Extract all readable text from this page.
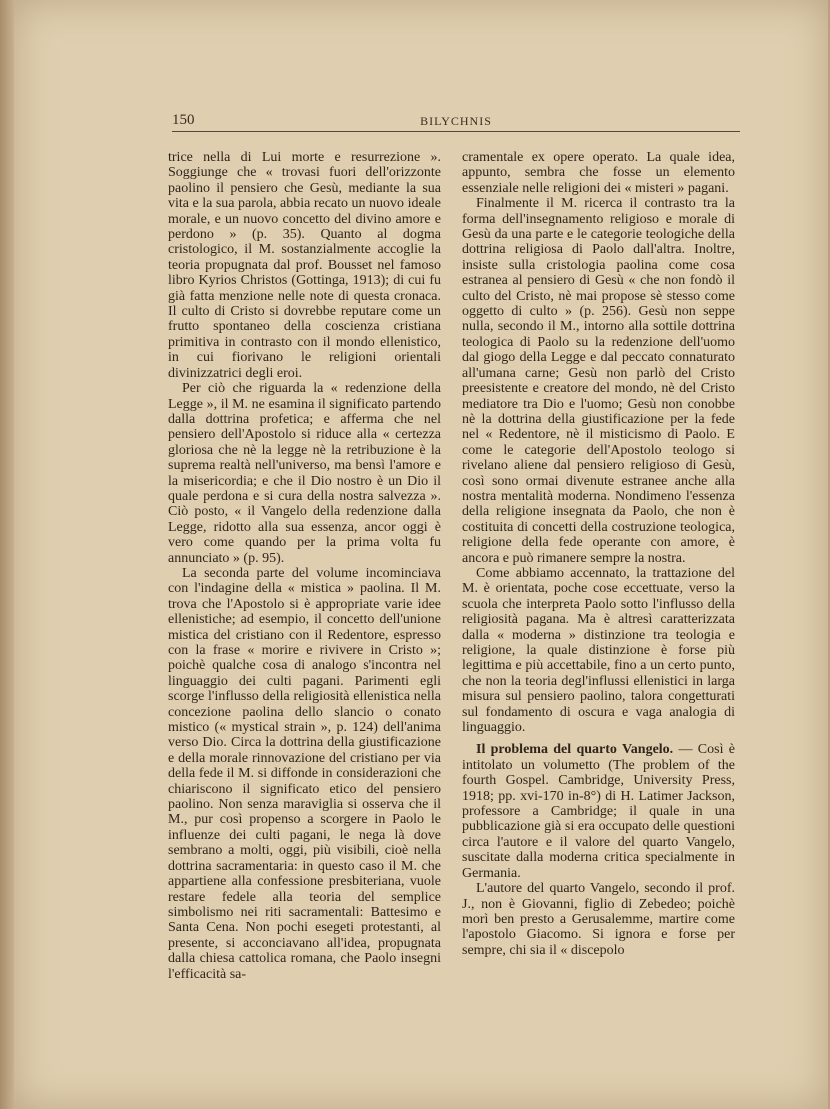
150	BILYCHNIS

trice nella di Lui morte e resurrezione ». Soggiunge che « trovasi fuori dell'orizzonte paolino il pensiero che Gesù, mediante la sua vita e la sua parola, abbia recato un nuovo ideale morale, e un nuovo concetto del divino amore e perdono » (p. 35). Quanto al dogma cristologico, il M. sostanzialmente accoglie la teoria propugnata dal prof. Bousset nel famoso libro Kyrios Christos (Gottinga, 1913); di cui fu già fatta menzione nelle note di questa cronaca. Il culto di Cristo si dovrebbe reputare come un frutto spontaneo della coscienza cristiana primitiva in contrasto con il mondo ellenistico, in cui fiorivano le religioni orientali divinizzatrici degli eroi.

Per ciò che riguarda la « redenzione della Legge », il M. ne esamina il significato partendo dalla dottrina profetica; e afferma che nel pensiero dell'Apostolo si riduce alla « certezza gloriosa che nè la legge nè la retribuzione è la suprema realtà nell'universo, ma bensì l'amore e la misericordia; e che il Dio nostro è un Dio il quale perdona e si cura della nostra salvezza ». Ciò posto, « il Vangelo della redenzione dalla Legge, ridotto alla sua essenza, ancor oggi è vero come quando per la prima volta fu annunciato » (p. 95).

La seconda parte del volume incominciava con l'indagine della « mistica » paolina. Il M. trova che l'Apostolo si è appropriate varie idee ellenistiche; ad esempio, il concetto dell'unione mistica del cristiano con il Redentore, espresso con la frase « morire e rivivere in Cristo »; poichè qualche cosa di analogo s'incontra nel linguaggio dei culti pagani. Parimenti egli scorge l'influsso della religiosità ellenistica nella concezione paolina dello slancio o conato mistico (« mystical strain », p. 124) dell'anima verso Dio. Circa la dottrina della giustificazione e della morale rinnovazione del cristiano per via della fede il M. si diffonde in considerazioni che chiariscono il significato etico del pensiero paolino. Non senza maraviglia si osserva che il M., pur così propenso a scorgere in Paolo le influenze dei culti pagani, le nega là dove sembrano a molti, oggi, più visibili, cioè nella dottrina sacramentaria: in questo caso il M. che appartiene alla confessione presbiteriana, vuole restare fedele alla teoria del semplice simbolismo nei riti sacramentali: Battesimo e Santa Cena. Non pochi esegeti protestanti, al presente, si acconciavano all'idea, propugnata dalla chiesa cattolica romana, che Paolo insegni l'efficacità sa-

cramentale ex opere operato. La quale idea, appunto, sembra che fosse un elemento essenziale nelle religioni dei « misteri » pagani.

Finalmente il M. ricerca il contrasto tra la forma dell'insegnamento religioso e morale di Gesù da una parte e le categorie teologiche della dottrina religiosa di Paolo dall'altra. Inoltre, insiste sulla cristologia paolina come cosa estranea al pensiero di Gesù « che non fondò il culto del Cristo, nè mai propose sè stesso come oggetto di culto » (p. 256). Gesù non seppe nulla, secondo il M., intorno alla sottile dottrina teologica di Paolo su la redenzione dell'uomo dal giogo della Legge e dal peccato connaturato all'umana carne; Gesù non parlò del Cristo preesistente e creatore del mondo, nè del Cristo mediatore tra Dio e l'uomo; Gesù non conobbe nè la dottrina della giustificazione per la fede nel « Redentore, nè il misticismo di Paolo. E come le categorie dell'Apostolo teologo si rivelano aliene dal pensiero religioso di Gesù, così sono ormai divenute estranee anche alla nostra mentalità moderna. Nondimeno l'essenza della religione insegnata da Paolo, che non è costituita di concetti della costruzione teologica, religione della fede operante con amore, è ancora e può rimanere sempre la nostra.

Come abbiamo accennato, la trattazione del M. è orientata, poche cose eccettuate, verso la scuola che interpreta Paolo sotto l'influsso della religiosità pagana. Ma è altresì caratterizzata dalla « moderna » distinzione tra teologia e religione, la quale distinzione è forse più legittima e più accettabile, fino a un certo punto, che non la teoria degl'influssi ellenistici in larga misura sul pensiero paolino, talora congetturati sul fondamento di oscura e vaga analogia di linguaggio.

Il problema del quarto Vangelo. — Così è intitolato un volumetto (The problem of the fourth Gospel. Cambridge, University Press, 1918; pp. xvi-170 in-8°) di H. Latimer Jackson, professore a Cambridge; il quale in una pubblicazione già si era occupato delle questioni circa l'autore e il valore del quarto Vangelo, suscitate dalla moderna critica specialmente in Germania.

L'autore del quarto Vangelo, secondo il prof. J., non è Giovanni, figlio di Zebedeo; poichè morì ben presto a Gerusalemme, martire come l'apostolo Giacomo. Si ignora e forse per sempre, chi sia il « discepolo
